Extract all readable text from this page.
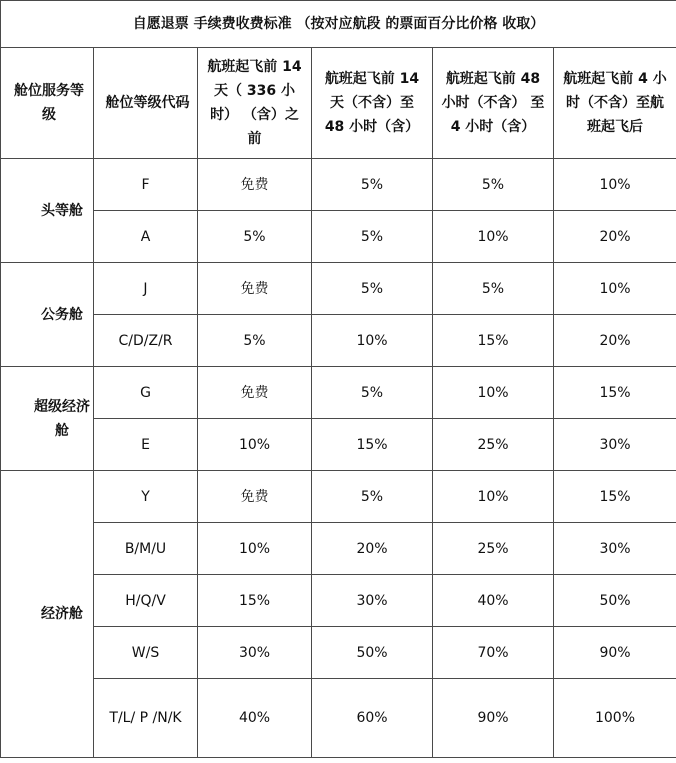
自愿退票 手续费收费标准 （按对应航段 的票面百分比价格 收取）					
舱位服务等级	舱位等级代码	航班起飞前 14 天（ 336 小时） （含）之前	航班起飞前 14 天（不含）至 48 小时（含）	航班起飞前 48 小时（不含） 至 4 小时（含）	航班起飞前 4 小时（不含）至航班起飞后
头等舱	F	免费	5%	5%	10%
	A	5%	5%	10%	20%
公务舱	J	免费	5%	5%	10%
	C/D/Z/R	5%	10%	15%	20%
超级经济舱	G	免费	5%	10%	15%
	E	10%	15%	25%	30%
经济舱	Y	免费	5%	10%	15%
	B/M/U	10%	20%	25%	30%
	H/Q/V	15%	30%	40%	50%
	W/S	30%	50%	70%	90%
	T/L/ P /N/K	40%	60%	90%	100%
